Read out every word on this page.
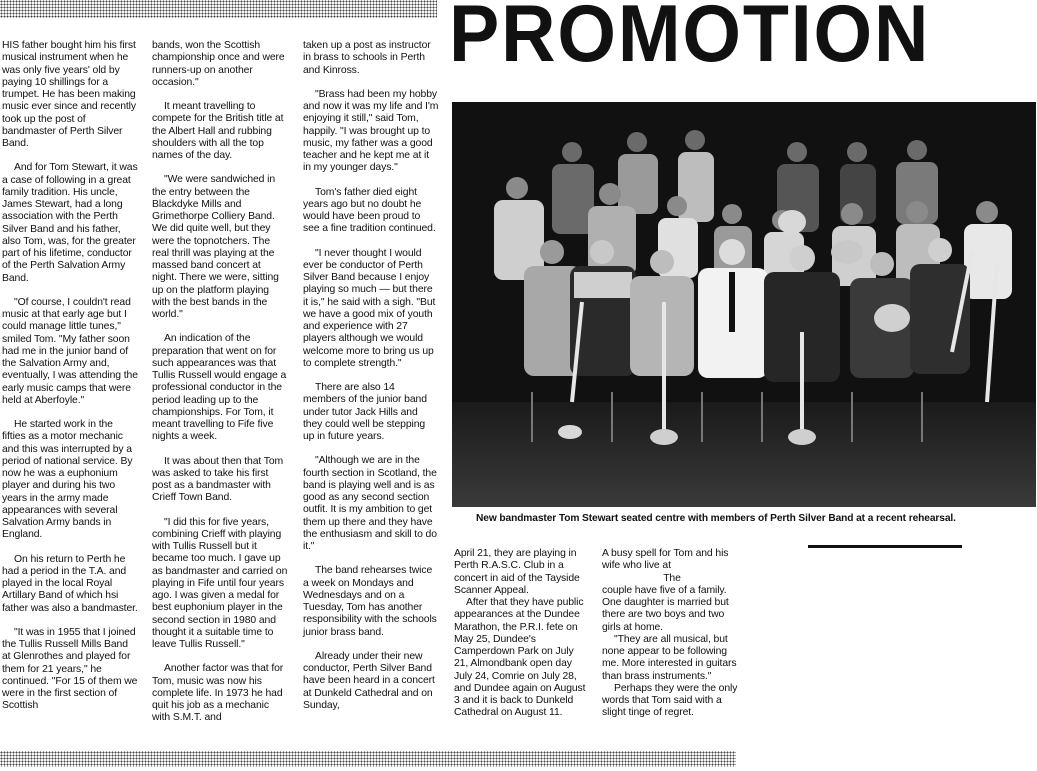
PROMOTION

HIS father bought him his first musical instrument when he was only five years' old by paying 10 shillings for a trumpet. He has been making music ever since and recently took up the post of bandmaster of Perth Silver Band.

And for Tom Stewart, it was a case of following in a great family tradition. His uncle, James Stewart, had a long association with the Perth Silver Band and his father, also Tom, was, for the greater part of his lifetime, conductor of the Perth Salvation Army Band.

"Of course, I couldn't read music at that early age but I could manage little tunes," smiled Tom. "My father soon had me in the junior band of the Salvation Army and, eventually, I was attending the early music camps that were held at Aberfoyle."

He started work in the fifties as a motor mechanic and this was interrupted by a period of national service. By now he was a euphonium player and during his two years in the army made appearances with several Salvation Army bands in England.

On his return to Perth he had a period in the T.A. and played in the local Royal Artillary Band of which hsi father was also a bandmaster.

"It was in 1955 that I joined the Tullis Russell Mills Band at Glenrothes and played for them for 21 years," he continued. "For 15 of them we were in the first section of Scottish

bands, won the Scottish championship once and were runners-up on another occasion."

It meant travelling to compete for the British title at the Albert Hall and rubbing shoulders with all the top names of the day.

"We were sandwiched in the entry between the Blackdyke Mills and Grimethorpe Colliery Band. We did quite well, but they were the topnotchers. The real thrill was playing at the massed band concert at night. There we were, sitting up on the platform playing with the best bands in the world."

An indication of the preparation that went on for such appearances was that Tullis Russell would engage a professional conductor in the period leading up to the championships. For Tom, it meant travelling to Fife five nights a week.

It was about then that Tom was asked to take his first post as a bandmaster with Crieff Town Band.

"I did this for five years, combining Crieff with playing with Tullis Russell but it became too much. I gave up as bandmaster and carried on playing in Fife until four years ago. I was given a medal for best euphonium player in the second section in 1980 and thought it a suitable time to leave Tullis Russell."

Another factor was that for Tom, music was now his complete life. In 1973 he had quit his job as a mechanic with S.M.T. and

taken up a post as instructor in brass to schools in Perth and Kinross.

"Brass had been my hobby and now it was my life and I'm enjoying it still," said Tom, happily. "I was brought up to music, my father was a good teacher and he kept me at it in my younger days."

Tom's father died eight years ago but no doubt he would have been proud to see a fine tradition continued.

"I never thought I would ever be conductor of Perth Silver Band because I enjoy playing so much — but there it is," he said with a sigh. "But we have a good mix of youth and experience with 27 players although we would welcome more to bring us up to complete strength."

There are also 14 members of the junior band under tutor Jack Hills and they could well be stepping up in future years.

"Although we are in the fourth section in Scotland, the band is playing well and is as good as any second section outfit. It is my ambition to get them up there and they have the enthusiasm and skill to do it."

The band rehearses twice a week on Mondays and Wednesdays and on a Tuesday, Tom has another responsibility with the schools junior brass band.

Already under their new conductor, Perth Silver Band have been heard in a concert at Dunkeld Cathedral and on Sunday,

New bandmaster Tom Stewart seated centre with members of Perth Silver Band at a recent rehearsal.

April 21, they are playing in Perth R.A.S.C. Club in a concert in aid of the Tayside Scanner Appeal.

After that they have public appearances at the Dundee Marathon, the P.R.I. fete on May 25, Dundee's Camperdown Park on July 21, Almondbank open day July 24, Comrie on July 28, and Dundee again on August 3 and it is back to Dunkeld Cathedral on August 11.

A busy spell for Tom and his wife who live at
The
couple have five of a family. One daughter is married but there are two boys and two girls at home.

"They are all musical, but none appear to be following me. More interested in guitars than brass instruments."

Perhaps they were the only words that Tom said with a slight tinge of regret.
